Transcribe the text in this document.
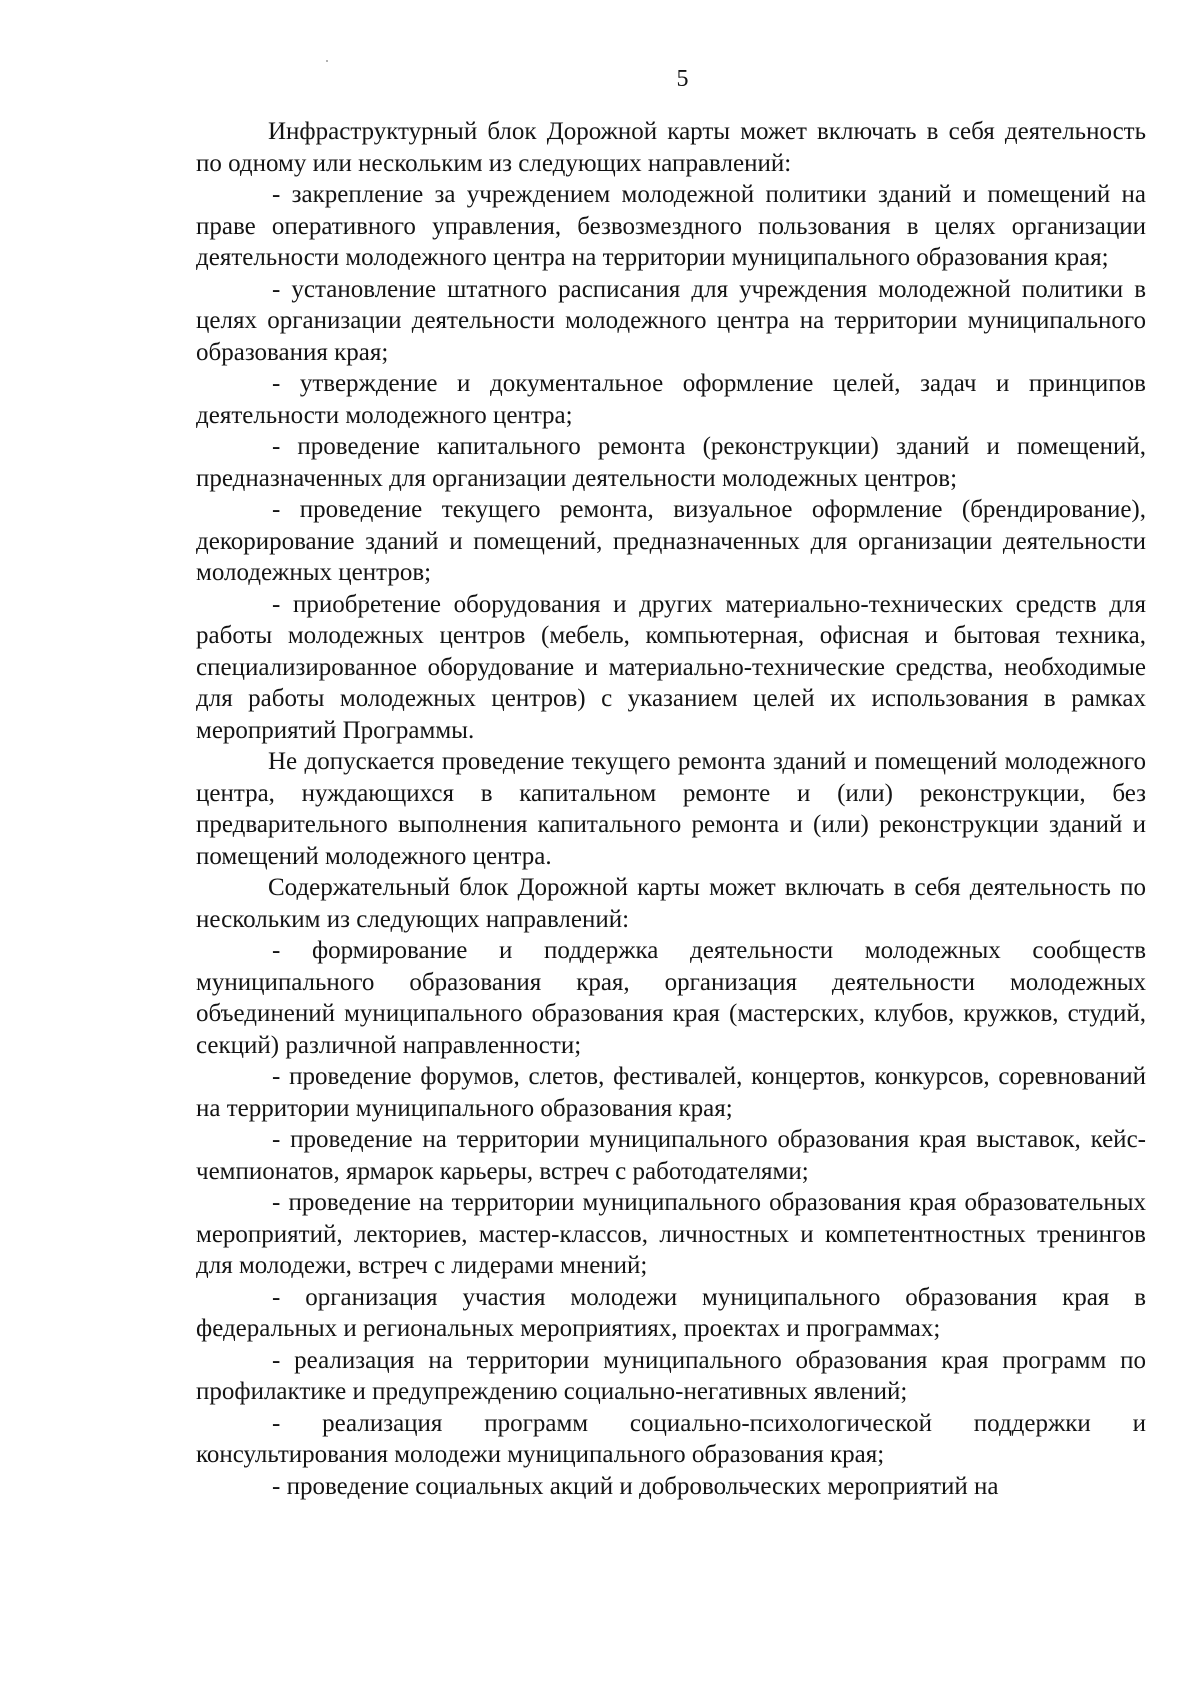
5

Инфраструктурный блок Дорожной карты может включать в себя деятельность по одному или нескольким из следующих направлений:

- закрепление за учреждением молодежной политики зданий и помещений на праве оперативного управления, безвозмездного пользования в целях организации деятельности молодежного центра на территории муниципального образования края;

- установление штатного расписания для учреждения молодежной политики в целях организации деятельности молодежного центра на территории муниципального образования края;

- утверждение и документальное оформление целей, задач и принципов деятельности молодежного центра;

- проведение капитального ремонта (реконструкции) зданий и помещений, предназначенных для организации деятельности молодежных центров;

- проведение текущего ремонта, визуальное оформление (брендирование), декорирование зданий и помещений, предназначенных для организации деятельности молодежных центров;

- приобретение оборудования и других материально-технических средств для работы молодежных центров (мебель, компьютерная, офисная и бытовая техника, специализированное оборудование и материально-технические средства, необходимые для работы молодежных центров) с указанием целей их использования в рамках мероприятий Программы.

Не допускается проведение текущего ремонта зданий и помещений молодежного центра, нуждающихся в капитальном ремонте и (или) реконструкции, без предварительного выполнения капитального ремонта и (или) реконструкции зданий и помещений молодежного центра.

Содержательный блок Дорожной карты может включать в себя деятельность по нескольким из следующих направлений:

- формирование и поддержка деятельности молодежных сообществ муниципального образования края, организация деятельности молодежных объединений муниципального образования края (мастерских, клубов, кружков, студий, секций) различной направленности;

- проведение форумов, слетов, фестивалей, концертов, конкурсов, соревнований на территории муниципального образования края;

- проведение на территории муниципального образования края выставок, кейс-чемпионатов, ярмарок карьеры, встреч с работодателями;

- проведение на территории муниципального образования края образовательных мероприятий, лекториев, мастер-классов, личностных и компетентностных тренингов для молодежи, встреч с лидерами мнений;

- организация участия молодежи муниципального образования края в федеральных и региональных мероприятиях, проектах и программах;

- реализация на территории муниципального образования края программ по профилактике и предупреждению социально-негативных явлений;

- реализация программ социально-психологической поддержки и консультирования молодежи муниципального образования края;

- проведение социальных акций и добровольческих мероприятий на
